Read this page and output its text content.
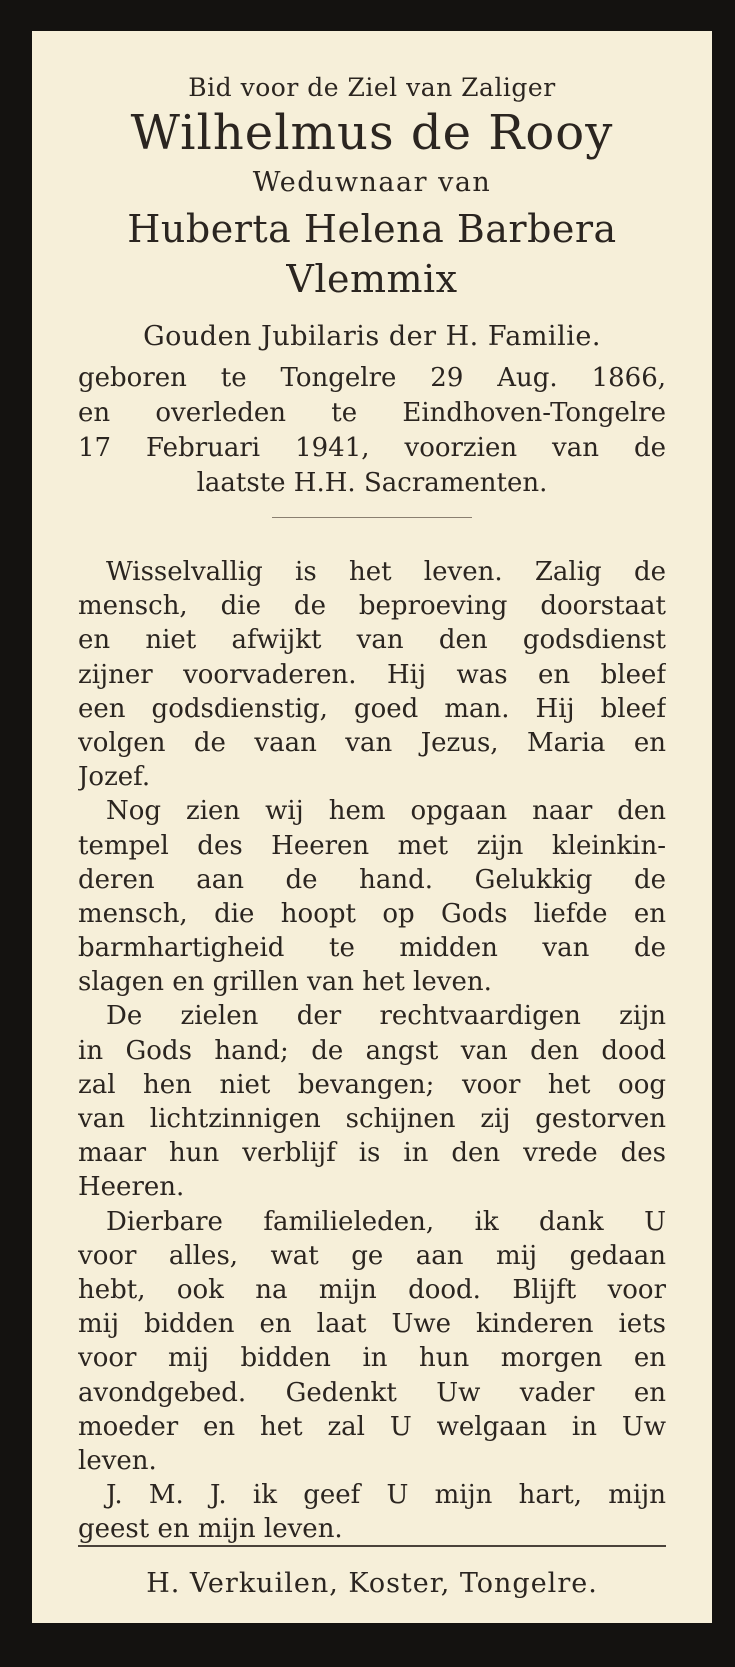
Bid voor de Ziel van Zaliger
Wilhelmus de Rooy
Weduwnaar van
Huberta Helena Barbera
Vlemmix
Gouden Jubilaris der H. Familie.
geboren te Tongelre 29 Aug. 1866,
en overleden te Eindhoven-Tongelre
17 Februari 1941, voorzien van de
laatste H.H. Sacramenten.
Wisselvallig is het leven. Zalig de
mensch, die de beproeving doorstaat
en niet afwijkt van den godsdienst
zijner voorvaderen. Hij was en bleef
een godsdienstig, goed man. Hij bleef
volgen de vaan van Jezus, Maria en
Jozef.
Nog zien wij hem opgaan naar den
tempel des Heeren met zijn kleinkin-
deren aan de hand. Gelukkig de
mensch, die hoopt op Gods liefde en
barmhartigheid te midden van de
slagen en grillen van het leven.
De zielen der rechtvaardigen zijn
in Gods hand; de angst van den dood
zal hen niet bevangen; voor het oog
van lichtzinnigen schijnen zij gestorven
maar hun verblijf is in den vrede des
Heeren.
Dierbare familieleden, ik dank U
voor alles, wat ge aan mij gedaan
hebt, ook na mijn dood. Blijft voor
mij bidden en laat Uwe kinderen iets
voor mij bidden in hun morgen en
avondgebed. Gedenkt Uw vader en
moeder en het zal U welgaan in Uw
leven.
J. M. J. ik geef U mijn hart, mijn
geest en mijn leven.
H. Verkuilen, Koster, Tongelre.
